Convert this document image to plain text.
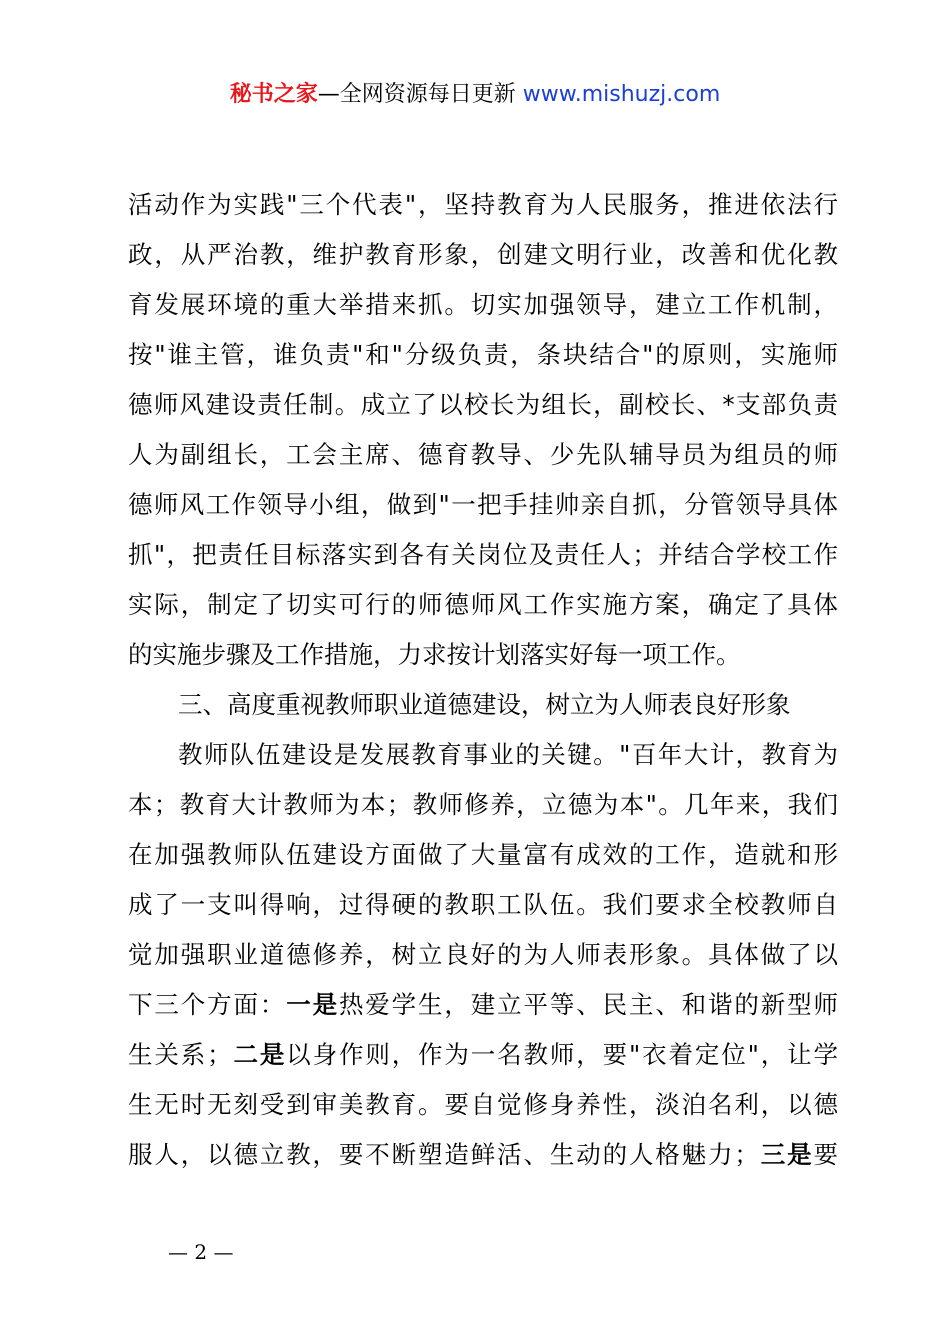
秘书之家—全网资源每日更新 www.mishuzj.com
活动作为实践"三个代表"，坚持教育为人民服务，推进依法行
政，从严治教，维护教育形象，创建文明行业，改善和优化教
育发展环境的重大举措来抓。切实加强领导，建立工作机制，
按"谁主管，谁负责"和"分级负责，条块结合"的原则，实施师
德师风建设责任制。成立了以校长为组长，副校长、*支部负责
人为副组长，工会主席、德育教导、少先队辅导员为组员的师
德师风工作领导小组，做到"一把手挂帅亲自抓，分管领导具体
抓"，把责任目标落实到各有关岗位及责任人；并结合学校工作
实际，制定了切实可行的师德师风工作实施方案，确定了具体
的实施步骤及工作措施，力求按计划落实好每一项工作。
三、高度重视教师职业道德建设，树立为人师表良好形象
教师队伍建设是发展教育事业的关键。"百年大计，教育为
本；教育大计教师为本；教师修养，立德为本"。几年来，我们
在加强教师队伍建设方面做了大量富有成效的工作，造就和形
成了一支叫得响，过得硬的教职工队伍。我们要求全校教师自
觉加强职业道德修养，树立良好的为人师表形象。具体做了以
下三个方面：一是热爱学生，建立平等、民主、和谐的新型师
生关系；二是以身作则，作为一名教师，要"衣着定位"，让学
生无时无刻受到审美教育。要自觉修身养性，淡泊名利，以德
服人，以德立教，要不断塑造鲜活、生动的人格魅力；三是要
— 2 —
